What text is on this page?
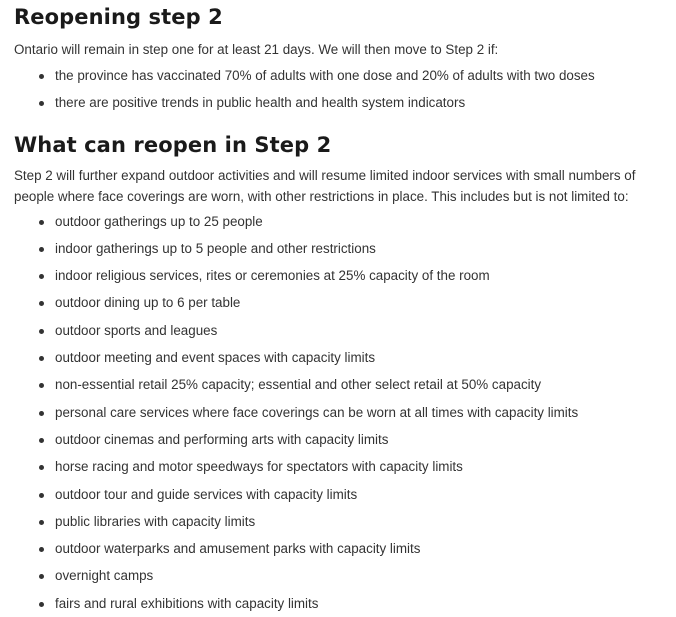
Reopening step 2

Ontario will remain in step one for at least 21 days. We will then move to Step 2 if:

the province has vaccinated 70% of adults with one dose and 20% of adults with two doses
there are positive trends in public health and health system indicators
What can reopen in Step 2

Step 2 will further expand outdoor activities and will resume limited indoor services with small numbers of people where face coverings are worn, with other restrictions in place. This includes but is not limited to:

outdoor gatherings up to 25 people
indoor gatherings up to 5 people and other restrictions
indoor religious services, rites or ceremonies at 25% capacity of the room
outdoor dining up to 6 per table
outdoor sports and leagues
outdoor meeting and event spaces with capacity limits
non-essential retail 25% capacity; essential and other select retail at 50% capacity
personal care services where face coverings can be worn at all times with capacity limits
outdoor cinemas and performing arts with capacity limits
horse racing and motor speedways for spectators with capacity limits
outdoor tour and guide services with capacity limits
public libraries with capacity limits
outdoor waterparks and amusement parks with capacity limits
overnight camps
fairs and rural exhibitions with capacity limits
